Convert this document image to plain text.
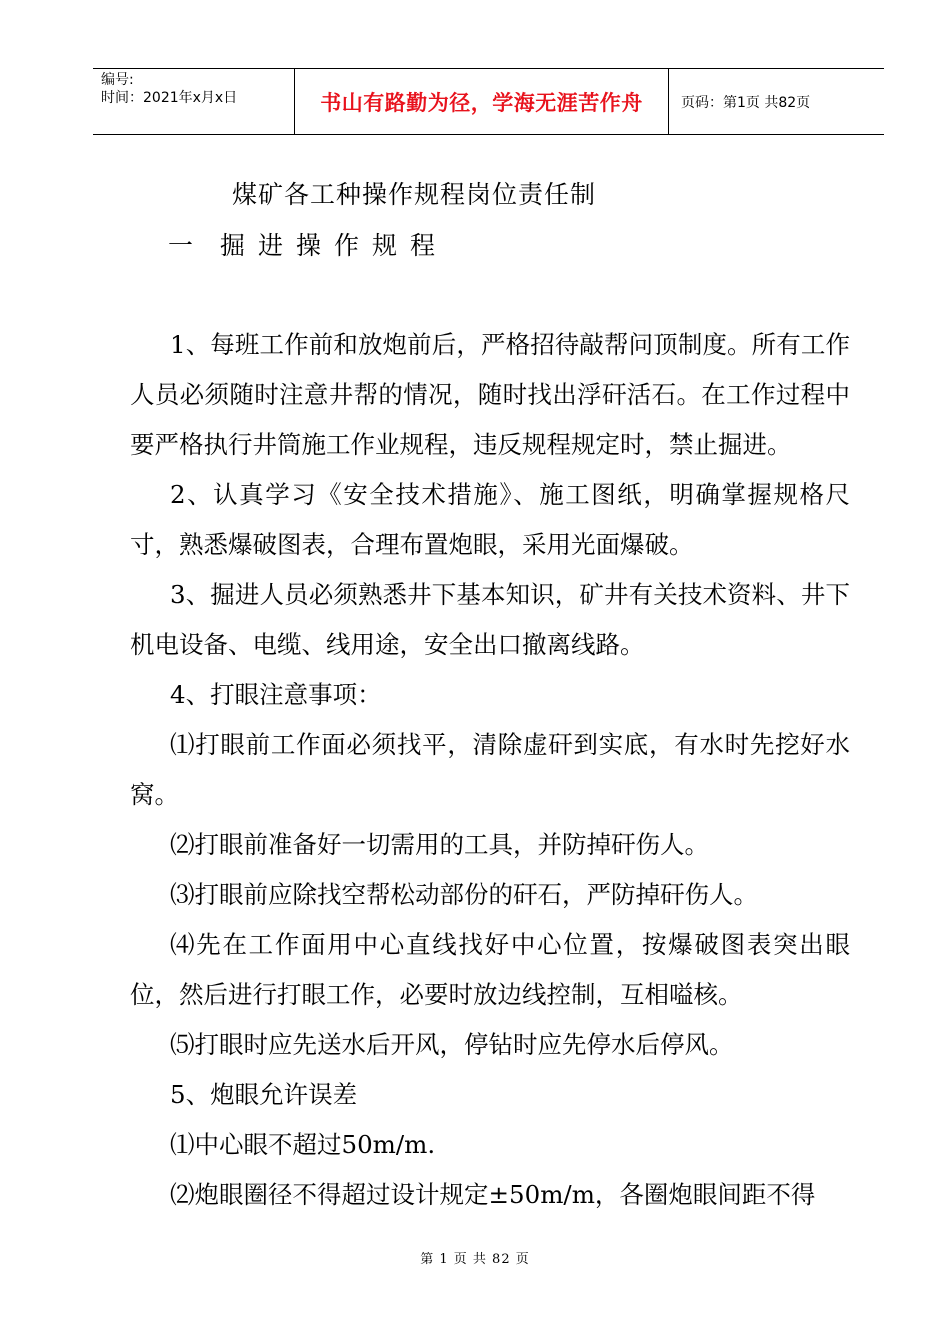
编号:
时间：2021年x月x日	书山有路勤为径，学海无涯苦作舟	页码：第1页 共82页
煤矿各工种操作规程岗位责任制
一	掘进操作规程

1、每班工作前和放炮前后，严格招待敲帮问顶制度。所有工作人员必须随时注意井帮的情况，随时找出浮矸活石。在工作过程中要严格执行井筒施工作业规程，违反规程规定时，禁止掘进。

2、认真学习《安全技术措施》、施工图纸，明确掌握规格尺寸，熟悉爆破图表，合理布置炮眼，采用光面爆破。

3、掘进人员必须熟悉井下基本知识，矿井有关技术资料、井下机电设备、电缆、线用途，安全出口撤离线路。

4、打眼注意事项：

⑴打眼前工作面必须找平，清除虚矸到实底，有水时先挖好水窝。

⑵打眼前准备好一切需用的工具，并防掉矸伤人。

⑶打眼前应除找空帮松动部份的矸石，严防掉矸伤人。

⑷先在工作面用中心直线找好中心位置，按爆破图表突出眼位，然后进行打眼工作，必要时放边线控制，互相嗌核。

⑸打眼时应先送水后开风，停钻时应先停水后停风。

5、炮眼允许误差

⑴中心眼不超过50m/m.

⑵炮眼圈径不得超过设计规定±50m/m，各圈炮眼间距不得

第 1 页 共 82 页
